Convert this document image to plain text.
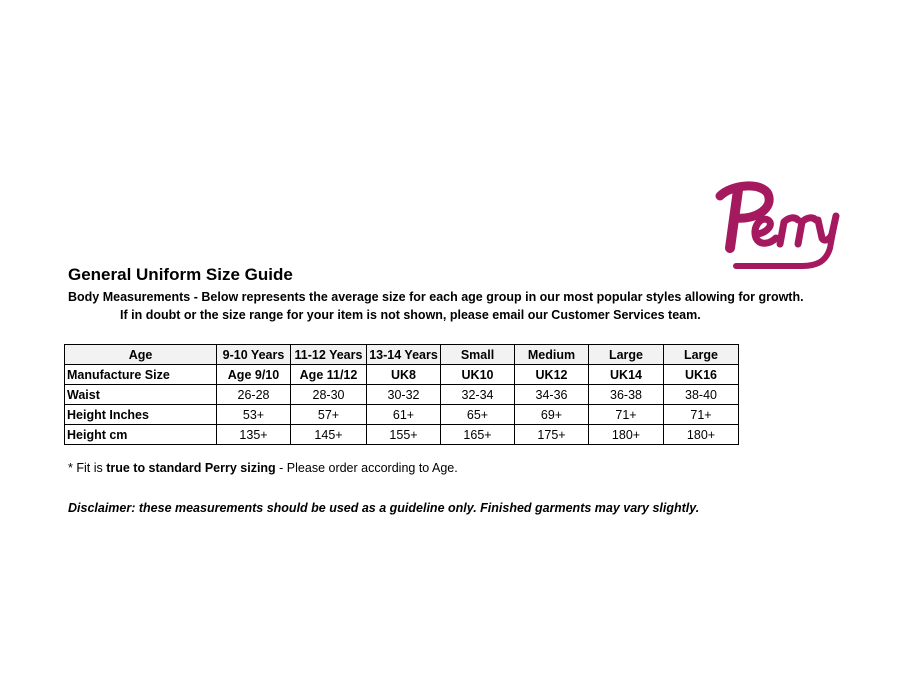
General Uniform Size Guide
Body Measurements - Below represents the average size for each age group in our most popular styles allowing for growth.
If in doubt or the size range for your item is not shown, please email our Customer Services team.
Age	9-10 Years	11-12 Years	13-14 Years	Small	Medium	Large	Large
Manufacture Size	Age 9/10	Age 11/12	UK8	UK10	UK12	UK14	UK16
Waist	26-28	28-30	30-32	32-34	34-36	36-38	38-40
Height Inches	53+	57+	61+	65+	69+	71+	71+
Height cm	135+	145+	155+	165+	175+	180+	180+
* Fit is true to standard Perry sizing - Please order according to Age.
Disclaimer: these measurements should be used as a guideline only. Finished garments may vary slightly.
